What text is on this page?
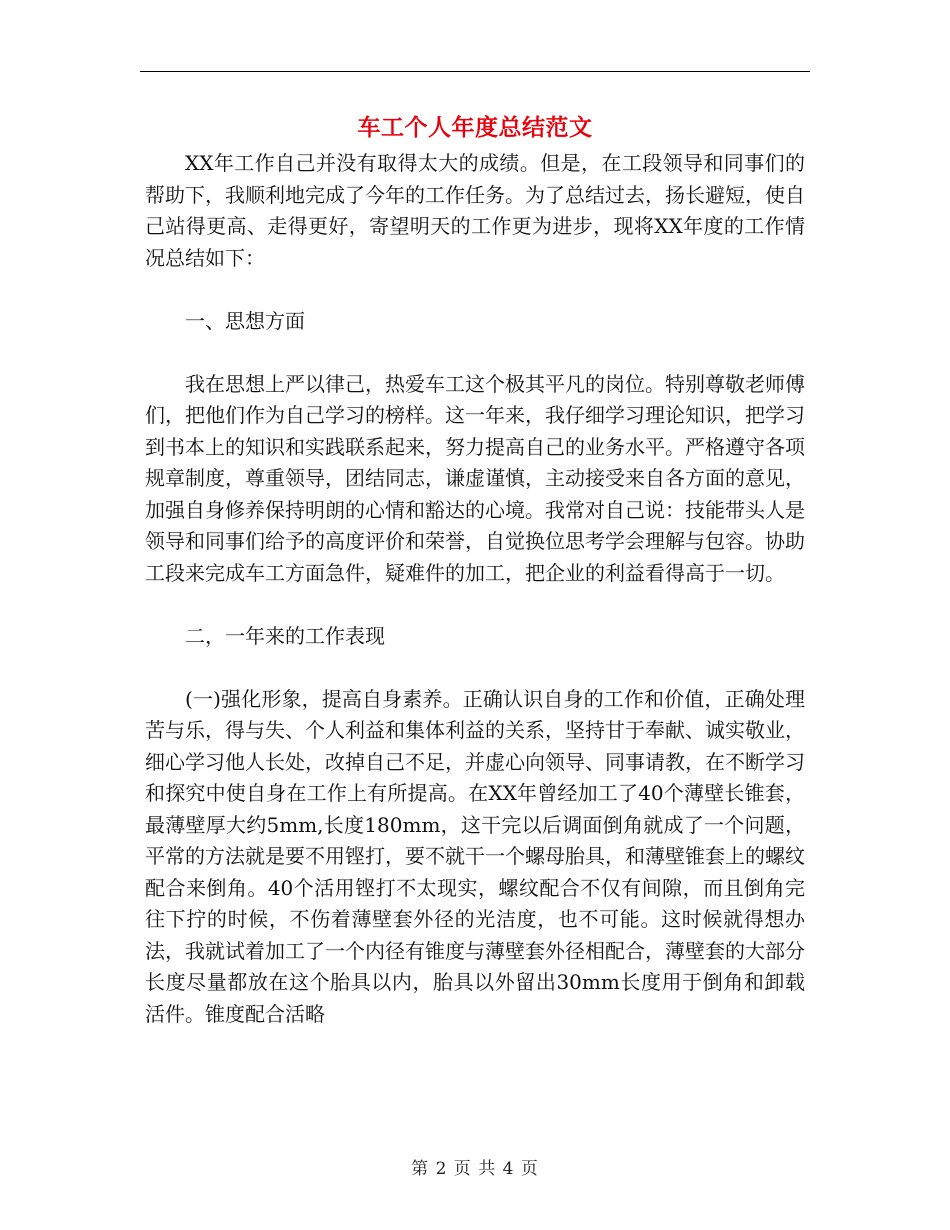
车工个人年度总结范文

XX年工作自己并没有取得太大的成绩。但是，在工段领导和同事们的帮助下，我顺利地完成了今年的工作任务。为了总结过去，扬长避短，使自己站得更高、走得更好，寄望明天的工作更为进步，现将XX年度的工作情况总结如下：

一、思想方面

我在思想上严以律己，热爱车工这个极其平凡的岗位。特别尊敬老师傅们，把他们作为自己学习的榜样。这一年来，我仔细学习理论知识，把学习到书本上的知识和实践联系起来，努力提高自己的业务水平。严格遵守各项规章制度，尊重领导，团结同志，谦虚谨慎，主动接受来自各方面的意见，加强自身修养保持明朗的心情和豁达的心境。我常对自己说：技能带头人是领导和同事们给予的高度评价和荣誉，自觉换位思考学会理解与包容。协助工段来完成车工方面急件，疑难件的加工，把企业的利益看得高于一切。

二，一年来的工作表现

(一)强化形象，提高自身素养。正确认识自身的工作和价值，正确处理苦与乐，得与失、个人利益和集体利益的关系，坚持甘于奉献、诚实敬业，细心学习他人长处，改掉自己不足，并虚心向领导、同事请教，在不断学习和探究中使自身在工作上有所提高。在XX年曾经加工了40个薄壁长锥套，最薄壁厚大约5mm,长度180mm，这干完以后调面倒角就成了一个问题，平常的方法就是要不用铿打，要不就干一个螺母胎具，和薄壁锥套上的螺纹配合来倒角。40个活用铿打不太现实，螺纹配合不仅有间隙，而且倒角完往下拧的时候，不伤着薄壁套外径的光洁度，也不可能。这时候就得想办法，我就试着加工了一个内径有锥度与薄壁套外径相配合，薄壁套的大部分长度尽量都放在这个胎具以内，胎具以外留出30mm长度用于倒角和卸载活件。锥度配合活略

第 2 页 共 4 页
